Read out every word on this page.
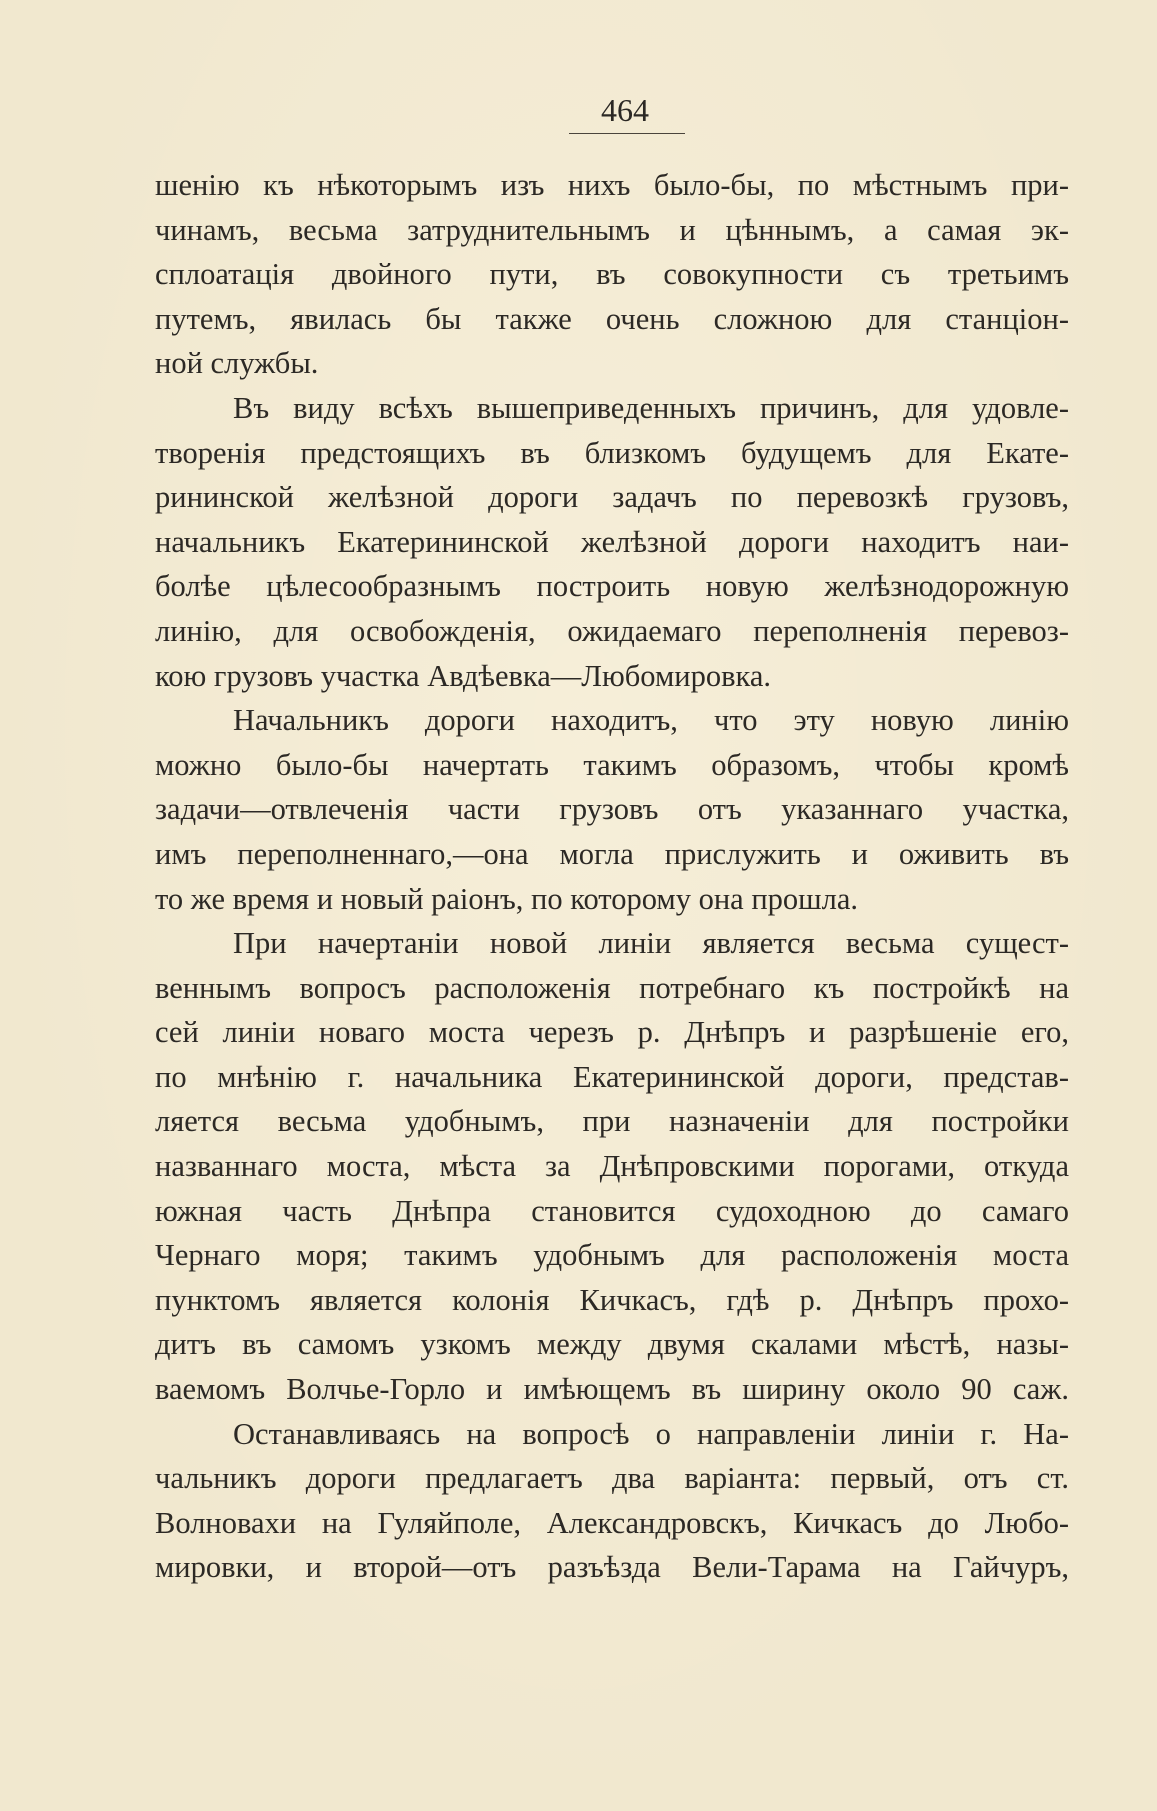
464
шенію къ нѣкоторымъ изъ нихъ было-бы, по мѣстнымъ при-
чинамъ, весьма затруднительнымъ и цѣннымъ, а самая эк-
сплоатація двойного пути, въ совокупности съ третьимъ
путемъ, явилась бы также очень сложною для станціон-
ной службы.
Въ виду всѣхъ вышеприведенныхъ причинъ, для удовле-
творенія предстоящихъ въ близкомъ будущемъ для Екате-
рининской желѣзной дороги задачъ по перевозкѣ грузовъ,
начальникъ Екатерининской желѣзной дороги находитъ наи-
болѣе цѣлесообразнымъ построить новую желѣзнодорожную
линію, для освобожденія, ожидаемаго переполненія перевоз-
кою грузовъ участка Авдѣевка—Любомировка.
Начальникъ дороги находитъ, что эту новую линію
можно было-бы начертать такимъ образомъ, чтобы кромѣ
задачи—отвлеченія части грузовъ отъ указаннаго участка,
имъ переполненнаго,—она могла прислужить и оживить въ
то же время и новый раіонъ, по которому она прошла.
При начертаніи новой линіи является весьма сущест-
веннымъ вопросъ расположенія потребнаго къ постройкѣ на
сей линіи новаго моста черезъ р. Днѣпръ и разрѣшеніе его,
по мнѣнію г. начальника Екатерининской дороги, представ-
ляется весьма удобнымъ, при назначеніи для постройки
названнаго моста, мѣста за Днѣпровскими порогами, откуда
южная часть Днѣпра становится судоходною до самаго
Чернаго моря; такимъ удобнымъ для расположенія моста
пунктомъ является колонія Кичкасъ, гдѣ р. Днѣпръ прохо-
дитъ въ самомъ узкомъ между двумя скалами мѣстѣ, назы-
ваемомъ Волчье-Горло и имѣющемъ въ ширину около 90 саж.
Останавливаясь на вопросѣ о направленіи линіи г. На-
чальникъ дороги предлагаетъ два варіанта: первый, отъ ст.
Волновахи на Гуляйполе, Александровскъ, Кичкасъ до Любо-
мировки, и второй—отъ разъѣзда Вели-Тарама на Гайчуръ,
